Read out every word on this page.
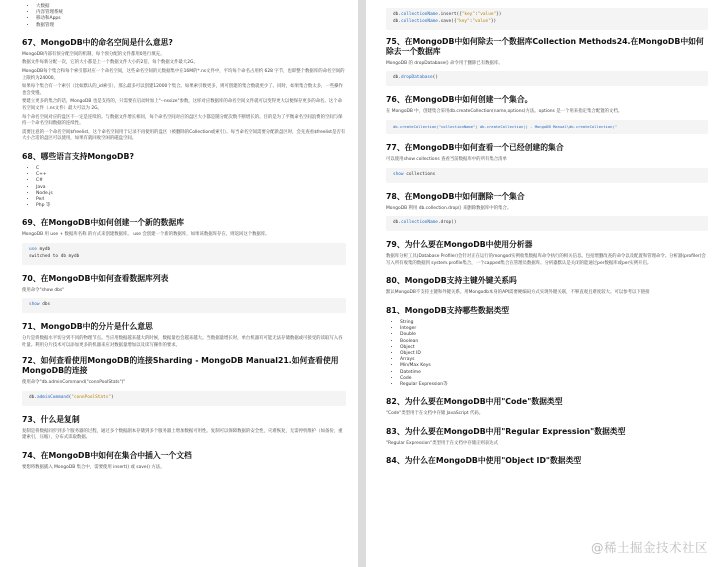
• 大数据
• 内容管理系统
• 移动和Apps
• 数据管理
67、MongoDB中的命名空间是什么意思?

MongoDB内部有预分配空间的机制，每个预分配的文件都用0进行填充。

数据文件每新分配一次，它的大小都是上一个数据文件大小的2倍，每个数据文件最大2G。

MongoDB每个集合和每个索引都对应一个命名空间，这些命名空间的元数据集中在16M的*.ns文件中，平均每个命名占用约 628 字节，也即整个数据库的命名空间的上限约为24000。

如果每个集合有一个索引（比如默认的_id索引），那么最多可以创建12000个集合。如果索引数更多，则可创建的集合数就更少了。同时，如果集合数太多，一些操作也会变慢。

要建立更多的集合的话，MongoDB 也是支持的，只需要在启动时加上"--nssize"参数，这样对应数据库的命名空间文件就可以变得更大以便保存更多的命名。这个命名空间文件（.ns文件）最大可以为 2G。

每个命名空间对应的盘区不一定是连续的。与数据文件增长相同，每个命名空间对应的盘区大小都是随分配次数不断增长的。目的是为了平衡命名空间浪费的空间与保持一个命名空间数据的连续性。

需要注意的一个命名空间$freelist，这个命名空间用于记录不再使用的盘区（被删除的Collection或索引）。每当命名空间需要分配新盘区时，会先查看$freelist是否有大小合适的盘区可以使用，如果有就回收空闲的磁盘空间。

68、哪些语言支持MongoDB?
• C
• C++
• C#
• Java
• Node.js
• Perl
• Php 等
69、在MongoDB中如何创建一个新的数据库

MongoDB 用 use + 数据库名称 的方式来创建数据库。 use 会创建一个新的数据库，如果该数据库存在，则返回这个数据库。

use mydb
switched to db mydb
70、在MongoDB中如何查看数据库列表

使用命令"show dbs"

show dbs
71、MongoDB中的分片是什么意思

分片是将数据水平切分到不同的物理节点。当应用数据越来越大的时候，数据量也会越来越大。当数据量增长时，单台机器有可能无法存储数据或可接受的读取写入吞吐量。利用分片技术可以添加更多的机器来应对数据量增加以及读写操作的要求。

72、如何查看使用MongoDB的连接Sharding - MongoDB Manual21.如何查看使用MongoDB的连接

使用命令"db.adminCommand("connPoolStats")"

db.adminCommand("connPoolStats")
73、什么是复制

复制是将数据同步到多个服务器的过程，通过多个数据副本存储到多个服务器上增加数据可用性。复制可以保障数据的安全性，灾难恢复，无需停机维护（如备份，重建索引，压缩），分布式读取数据。

74、在MongoDB中如何在集合中插入一个文档

要想将数据插入 MongoDB 集合中，需要使用 insert() 或 save() 方法。

db.collectionName.insert({"key":"value"})
db.collectionName.save({"key":"value"})
75、在MongoDB中如何除去一个数据库Collection Methods24.在MongoDB中如何除去一个数据库

MongoDB 的 dropDatabase() 命令用于删除已有数据库。

db.dropDatabase()
76、在MongoDB中如何创建一个集合。

在 MongoDB 中，创建集合采用db.createCollection(name,options)方法。options 是一个用来指定集合配置的文档。

db.createCollection("collectionName") db.createCollection() - MongoDB Manual\db.createCollection("
77、在MongoDB中如何查看一个已经创建的集合

可以使用show collections 查看当前数据库中的所有集合清单

show collections
78、在MongoDB中如何删除一个集合

MongoDB 利用 db.collection.drop() 来删除数据库中的集合。

db.collectionName.drop()
79、为什么要在MongoDB中使用分析器

数据库分析工具(Database Profiler)会针对正在运行的mongod实例收集数据库命令执行的相关信息。包括增删改查的命令以及配置和管理命令。分析器(profiler)会写入所有收集的数据到 system.profile集合，一个capped集合在管理员数据库。分析器默认是关闭的能通过per数据库或per实例开启。

80、MongoDB支持主键外键关系吗

默认MongoDB不支持主键和外键关系。用Mongodb本身的API需要硬编码方式实现外键关联，不够直观且难度较大。可以参考以下链接

81、MongoDB支持哪些数据类型
• String
• Integer
• Double
• Boolean
• Object
• Object ID
• Arrays
• Min/Max Keys
• Datetime
• Code
• Regular Expression等
82、为什么要在MongoDB中用"Code"数据类型

"Code"类型用于在文档中存储 JavaScript 代码。

83、为什么要在MongoDB中用"Regular Expression"数据类型

"Regular Expression"类型用于在文档中存储正则表达式

84、为什么在MongoDB中使用"Object ID"数据类型
@稀土掘金技术社区
